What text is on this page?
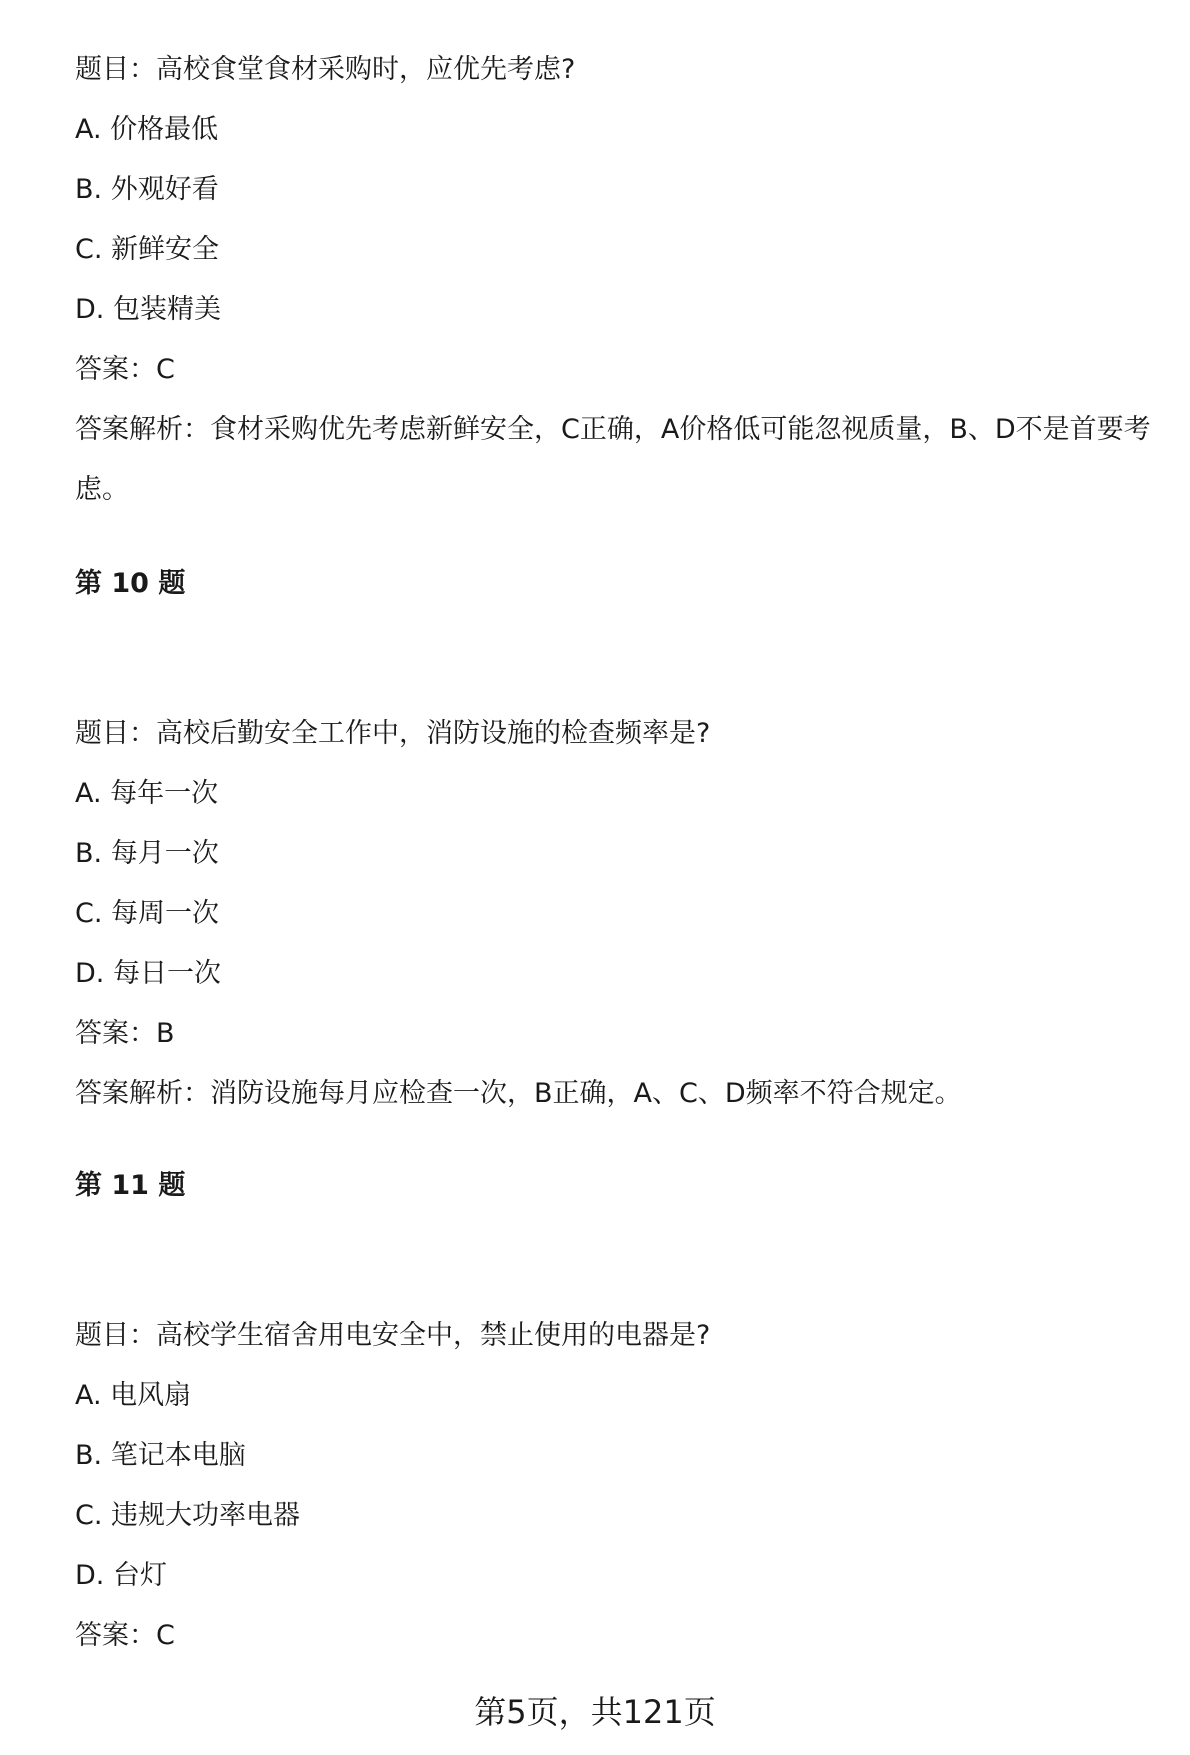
题目：高校食堂食材采购时，应优先考虑?
A. 价格最低
B. 外观好看
C. 新鲜安全
D. 包装精美
答案：C
答案解析：食材采购优先考虑新鲜安全，C正确，A价格低可能忽视质量，B、D不是首要考虑。
第 10 题
题目：高校后勤安全工作中，消防设施的检查频率是?
A. 每年一次
B. 每月一次
C. 每周一次
D. 每日一次
答案：B
答案解析：消防设施每月应检查一次，B正确，A、C、D频率不符合规定。
第 11 题
题目：高校学生宿舍用电安全中，禁止使用的电器是?
A. 电风扇
B. 笔记本电脑
C. 违规大功率电器
D. 台灯
答案：C
第5页，共121页
